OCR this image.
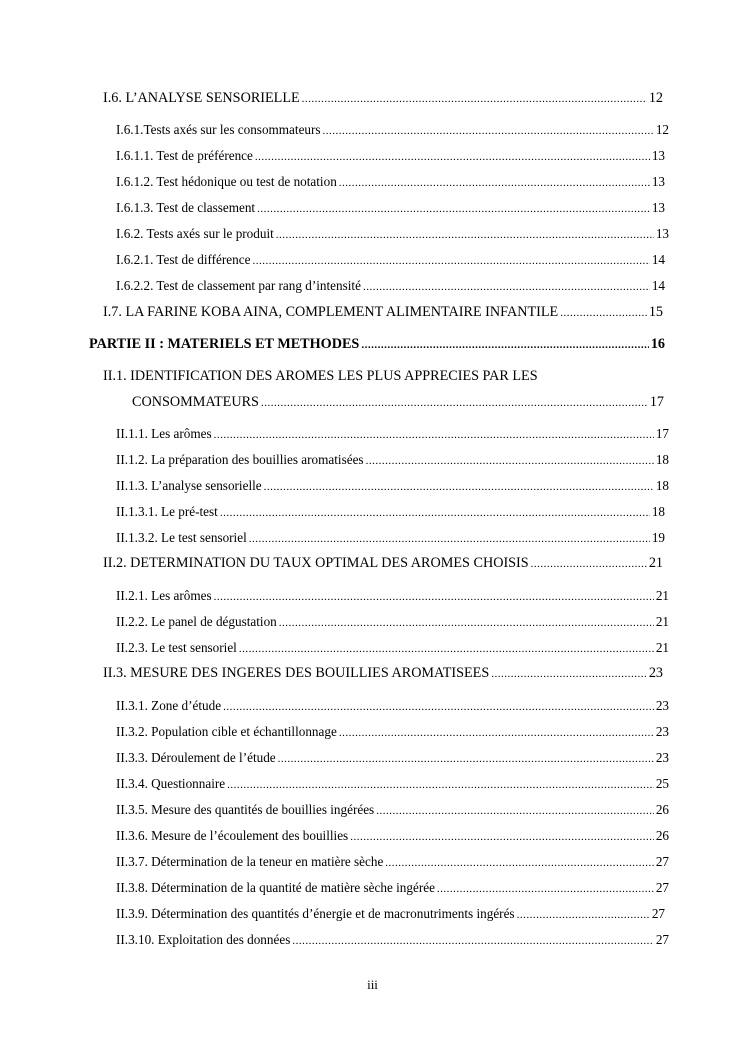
I.6. L’ANALYSE SENSORIELLE .....	12
I.6.1.Tests axés sur les consommateurs .....	12
I.6.1.1. Test de préférence .....	13
I.6.1.2. Test hédonique ou test de notation .....	13
I.6.1.3. Test de classement .....	13
I.6.2. Tests axés sur le produit .....	13
I.6.2.1. Test de différence .....	14
I.6.2.2. Test de classement par rang d’intensité .....	14
I.7. LA FARINE KOBA AINA, COMPLEMENT ALIMENTAIRE INFANTILE .....	15
PARTIE II : MATERIELS ET METHODES .....	16
II.1. IDENTIFICATION DES AROMES LES PLUS APPRECIES PAR LES
CONSOMMATEURS .....	17
II.1.1. Les arômes .....	17
II.1.2. La préparation des bouillies aromatisées .....	18
II.1.3. L’analyse sensorielle .....	18
II.1.3.1. Le pré-test .....	18
II.1.3.2. Le test sensoriel .....	19
II.2. DETERMINATION DU TAUX OPTIMAL DES AROMES CHOISIS .....	21
II.2.1. Les arômes .....	21
II.2.2. Le panel de dégustation .....	21
II.2.3. Le test sensoriel .....	21
II.3. MESURE DES INGERES DES BOUILLIES AROMATISEES .....	23
II.3.1. Zone d’étude .....	23
II.3.2. Population cible et échantillonnage .....	23
II.3.3. Déroulement de l’étude .....	23
II.3.4. Questionnaire .....	25
II.3.5. Mesure des quantités de bouillies ingérées .....	26
II.3.6. Mesure de l’écoulement des bouillies .....	26
II.3.7. Détermination de la teneur en matière sèche .....	27
II.3.8. Détermination de la quantité de matière sèche ingérée .....	27
II.3.9. Détermination des quantités d’énergie et de macronutriments ingérés .....	27
II.3.10. Exploitation des données .....	27
iii
